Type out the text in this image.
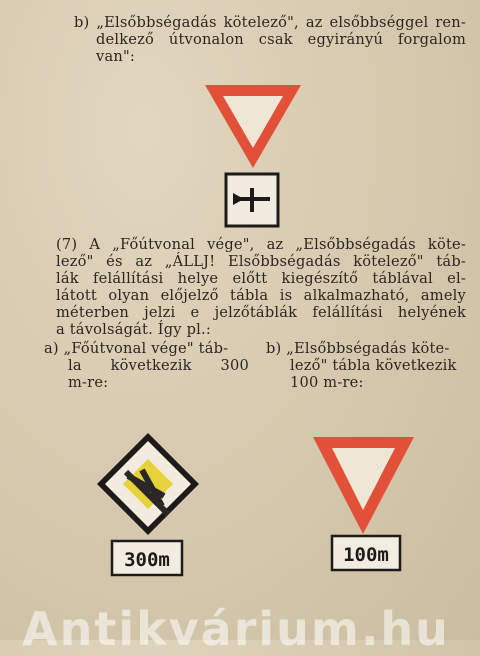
b) „Elsőbbségadás kötelező", az elsőbbséggel ren-
delkező útvonalon csak egyirányú forgalom
van":
(7) A „Főútvonal vége", az „Elsőbbségadás köte-
lező" és az „ÁLLJ! Elsőbbségadás kötelező" táb-
lák felállítási helye előtt kiegészítő táblával el-
látott olyan előjelző tábla is alkalmazható, amely
méterben jelzi e jelzőtáblák felállítási helyének
a távolságát. Így pl.:
a) „Főútvonal vége" táb-
la következik 300
m-re:
b) „Elsőbbségadás köte-
lező" tábla következik
100 m-re:
300m	100m
Antikvárium.hu
